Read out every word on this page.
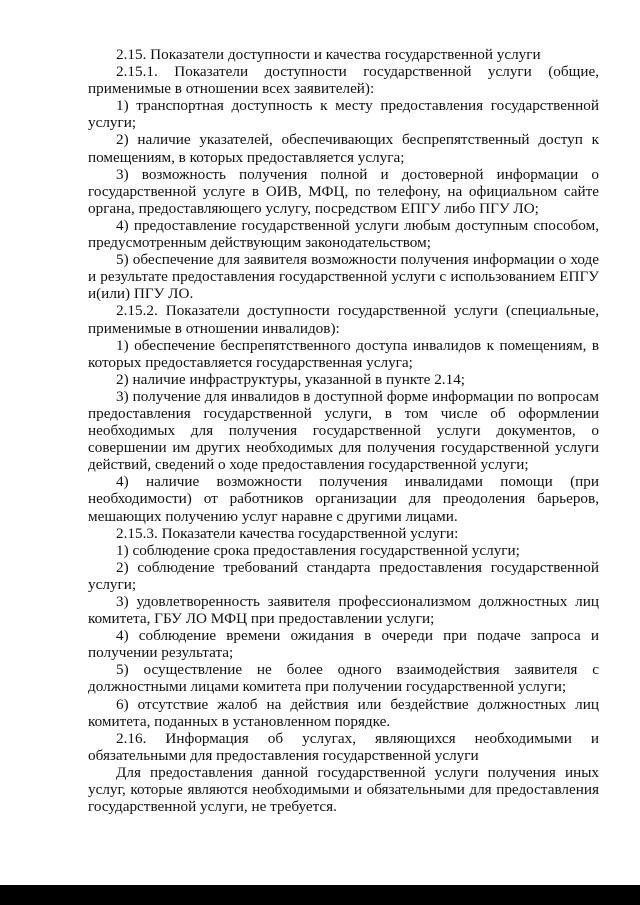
2.15. Показатели доступности и качества государственной услуги

2.15.1. Показатели доступности государственной услуги (общие, применимые в отношении всех заявителей):

1) транспортная доступность к месту предоставления государственной услуги;

2) наличие указателей, обеспечивающих беспрепятственный доступ к помещениям, в которых предоставляется услуга;

3) возможность получения полной и достоверной информации о государственной услуге в ОИВ, МФЦ, по телефону, на официальном сайте органа, предоставляющего услугу, посредством ЕПГУ либо ПГУ ЛО;

4) предоставление государственной услуги любым доступным способом, предусмотренным действующим законодательством;

5) обеспечение для заявителя возможности получения информации о ходе и результате предоставления государственной услуги с использованием ЕПГУ и(или) ПГУ ЛО.

2.15.2. Показатели доступности государственной услуги (специальные, применимые в отношении инвалидов):

1) обеспечение беспрепятственного доступа инвалидов к помещениям, в которых предоставляется государственная услуга;

2) наличие инфраструктуры, указанной в пункте 2.14;

3) получение для инвалидов в доступной форме информации по вопросам предоставления государственной услуги, в том числе об оформлении необходимых для получения государственной услуги документов, о совершении им других необходимых для получения государственной услуги действий, сведений о ходе предоставления государственной услуги;

4) наличие возможности получения инвалидами помощи (при необходимости) от работников организации для преодоления барьеров, мешающих получению услуг наравне с другими лицами.

2.15.3. Показатели качества государственной услуги:

1) соблюдение срока предоставления государственной услуги;

2) соблюдение требований стандарта предоставления государственной услуги;

3) удовлетворенность заявителя профессионализмом должностных лиц комитета, ГБУ ЛО МФЦ при предоставлении услуги;

4) соблюдение времени ожидания в очереди при подаче запроса и получении результата;

5) осуществление не более одного взаимодействия заявителя с должностными лицами комитета при получении государственной услуги;

6) отсутствие жалоб на действия или бездействие должностных лиц комитета, поданных в установленном порядке.

2.16. Информация об услугах, являющихся необходимыми и обязательными для предоставления государственной услуги

Для предоставления данной государственной услуги получения иных услуг, которые являются необходимыми и обязательными для предоставления государственной услуги, не требуется.
